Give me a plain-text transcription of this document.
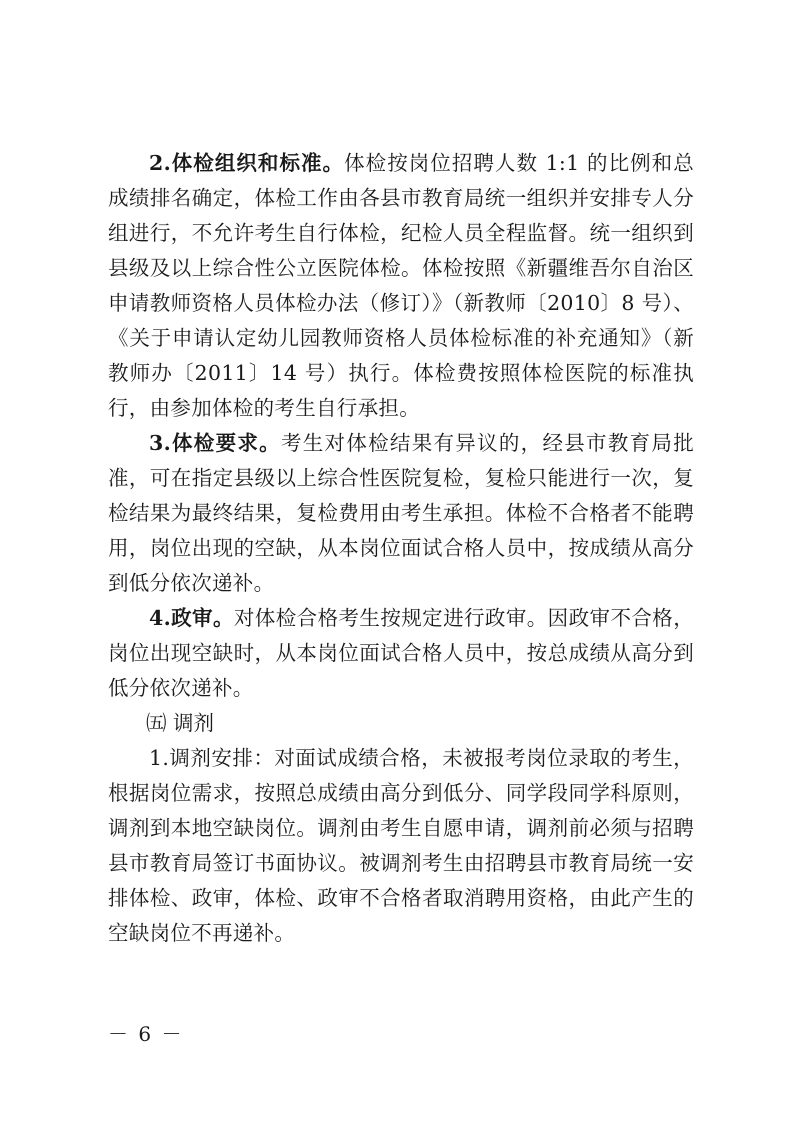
2.体检组织和标准。体检按岗位招聘人数 1:1 的比例和总成绩排名确定，体检工作由各县市教育局统一组织并安排专人分组进行，不允许考生自行体检，纪检人员全程监督。统一组织到县级及以上综合性公立医院体检。体检按照《新疆维吾尔自治区申请教师资格人员体检办法（修订）》（新教师〔2010〕8 号）、《关于申请认定幼儿园教师资格人员体检标准的补充通知》（新教师办〔2011〕14 号）执行。体检费按照体检医院的标准执行，由参加体检的考生自行承担。

3.体检要求。考生对体检结果有异议的，经县市教育局批准，可在指定县级以上综合性医院复检，复检只能进行一次，复检结果为最终结果，复检费用由考生承担。体检不合格者不能聘用，岗位出现的空缺，从本岗位面试合格人员中，按成绩从高分到低分依次递补。

4.政审。对体检合格考生按规定进行政审。因政审不合格，岗位出现空缺时，从本岗位面试合格人员中，按总成绩从高分到低分依次递补。

㈤ 调剂

1.调剂安排：对面试成绩合格，未被报考岗位录取的考生，根据岗位需求，按照总成绩由高分到低分、同学段同学科原则，调剂到本地空缺岗位。调剂由考生自愿申请，调剂前必须与招聘县市教育局签订书面协议。被调剂考生由招聘县市教育局统一安排体检、政审，体检、政审不合格者取消聘用资格，由此产生的空缺岗位不再递补。

－ 6 －
